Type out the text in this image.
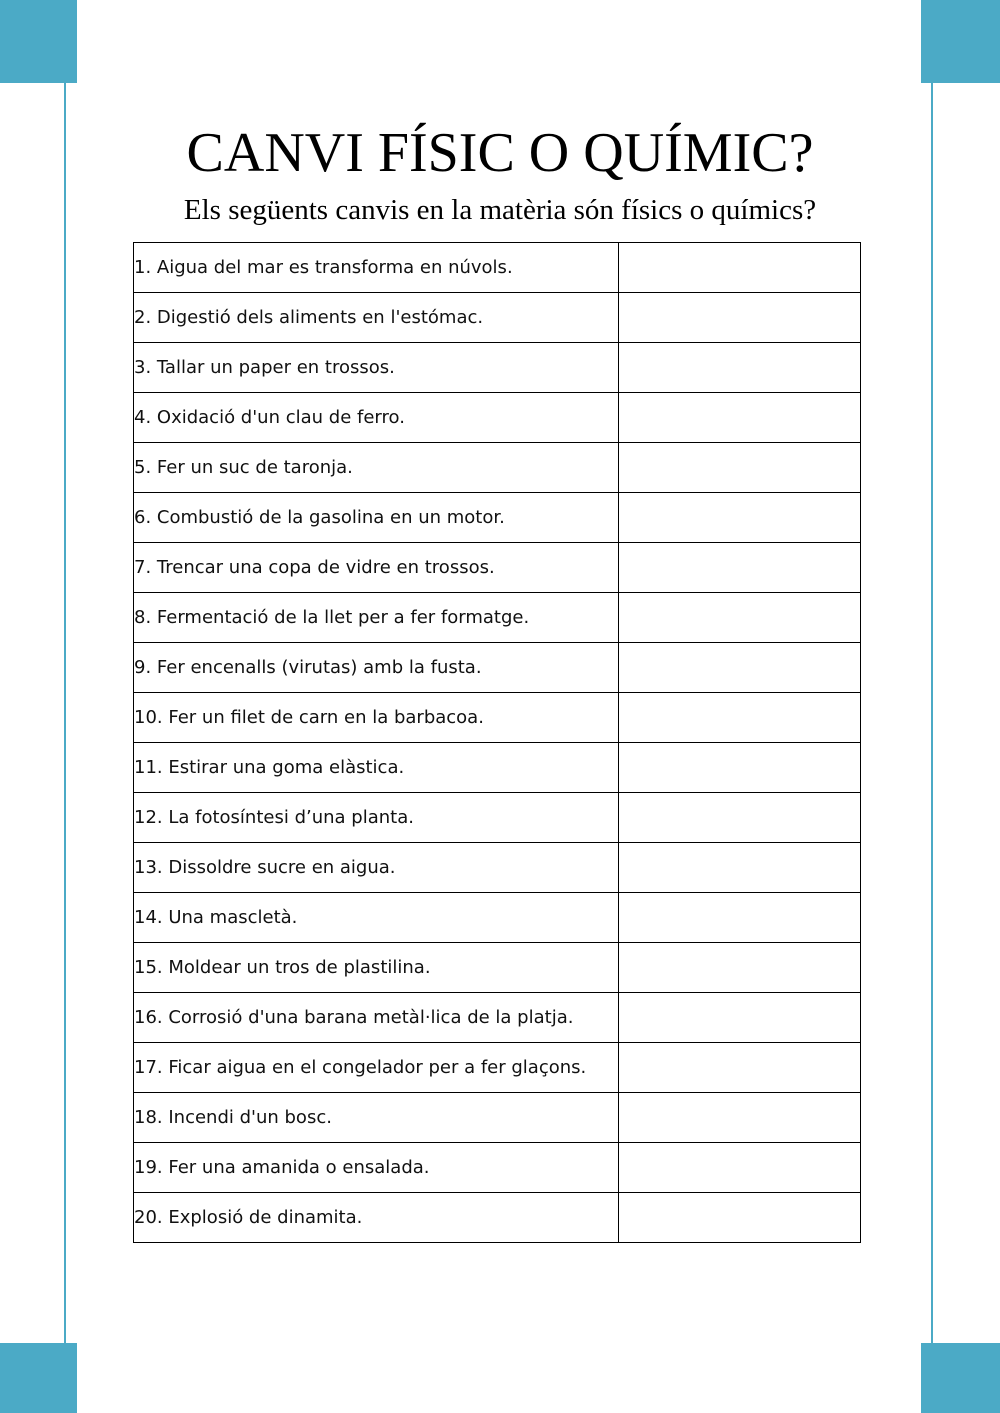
CANVI FÍSIC O QUÍMIC?
Els següents canvis en la matèria són físics o químics?
1. Aigua del mar es transforma en núvols.	
2. Digestió dels aliments en l'estómac.	
3. Tallar un paper en trossos.	
4. Oxidació d'un clau de ferro.	
5. Fer un suc de taronja.	
6. Combustió de la gasolina en un motor.	
7. Trencar una copa de vidre en trossos.	
8. Fermentació de la llet per a fer formatge.	
9. Fer encenalls (virutas) amb la fusta.	
10. Fer un filet de carn en la barbacoa.	
11. Estirar una goma elàstica.	
12. La fotosíntesi d’una planta.	
13. Dissoldre sucre en aigua.	
14. Una mascletà.	
15. Moldear un tros de plastilina.	
16. Corrosió d'una barana metàl·lica de la platja.	
17. Ficar aigua en el congelador per a fer glaçons.	
18. Incendi d'un bosc.	
19. Fer una amanida o ensalada.	
20. Explosió de dinamita.	
